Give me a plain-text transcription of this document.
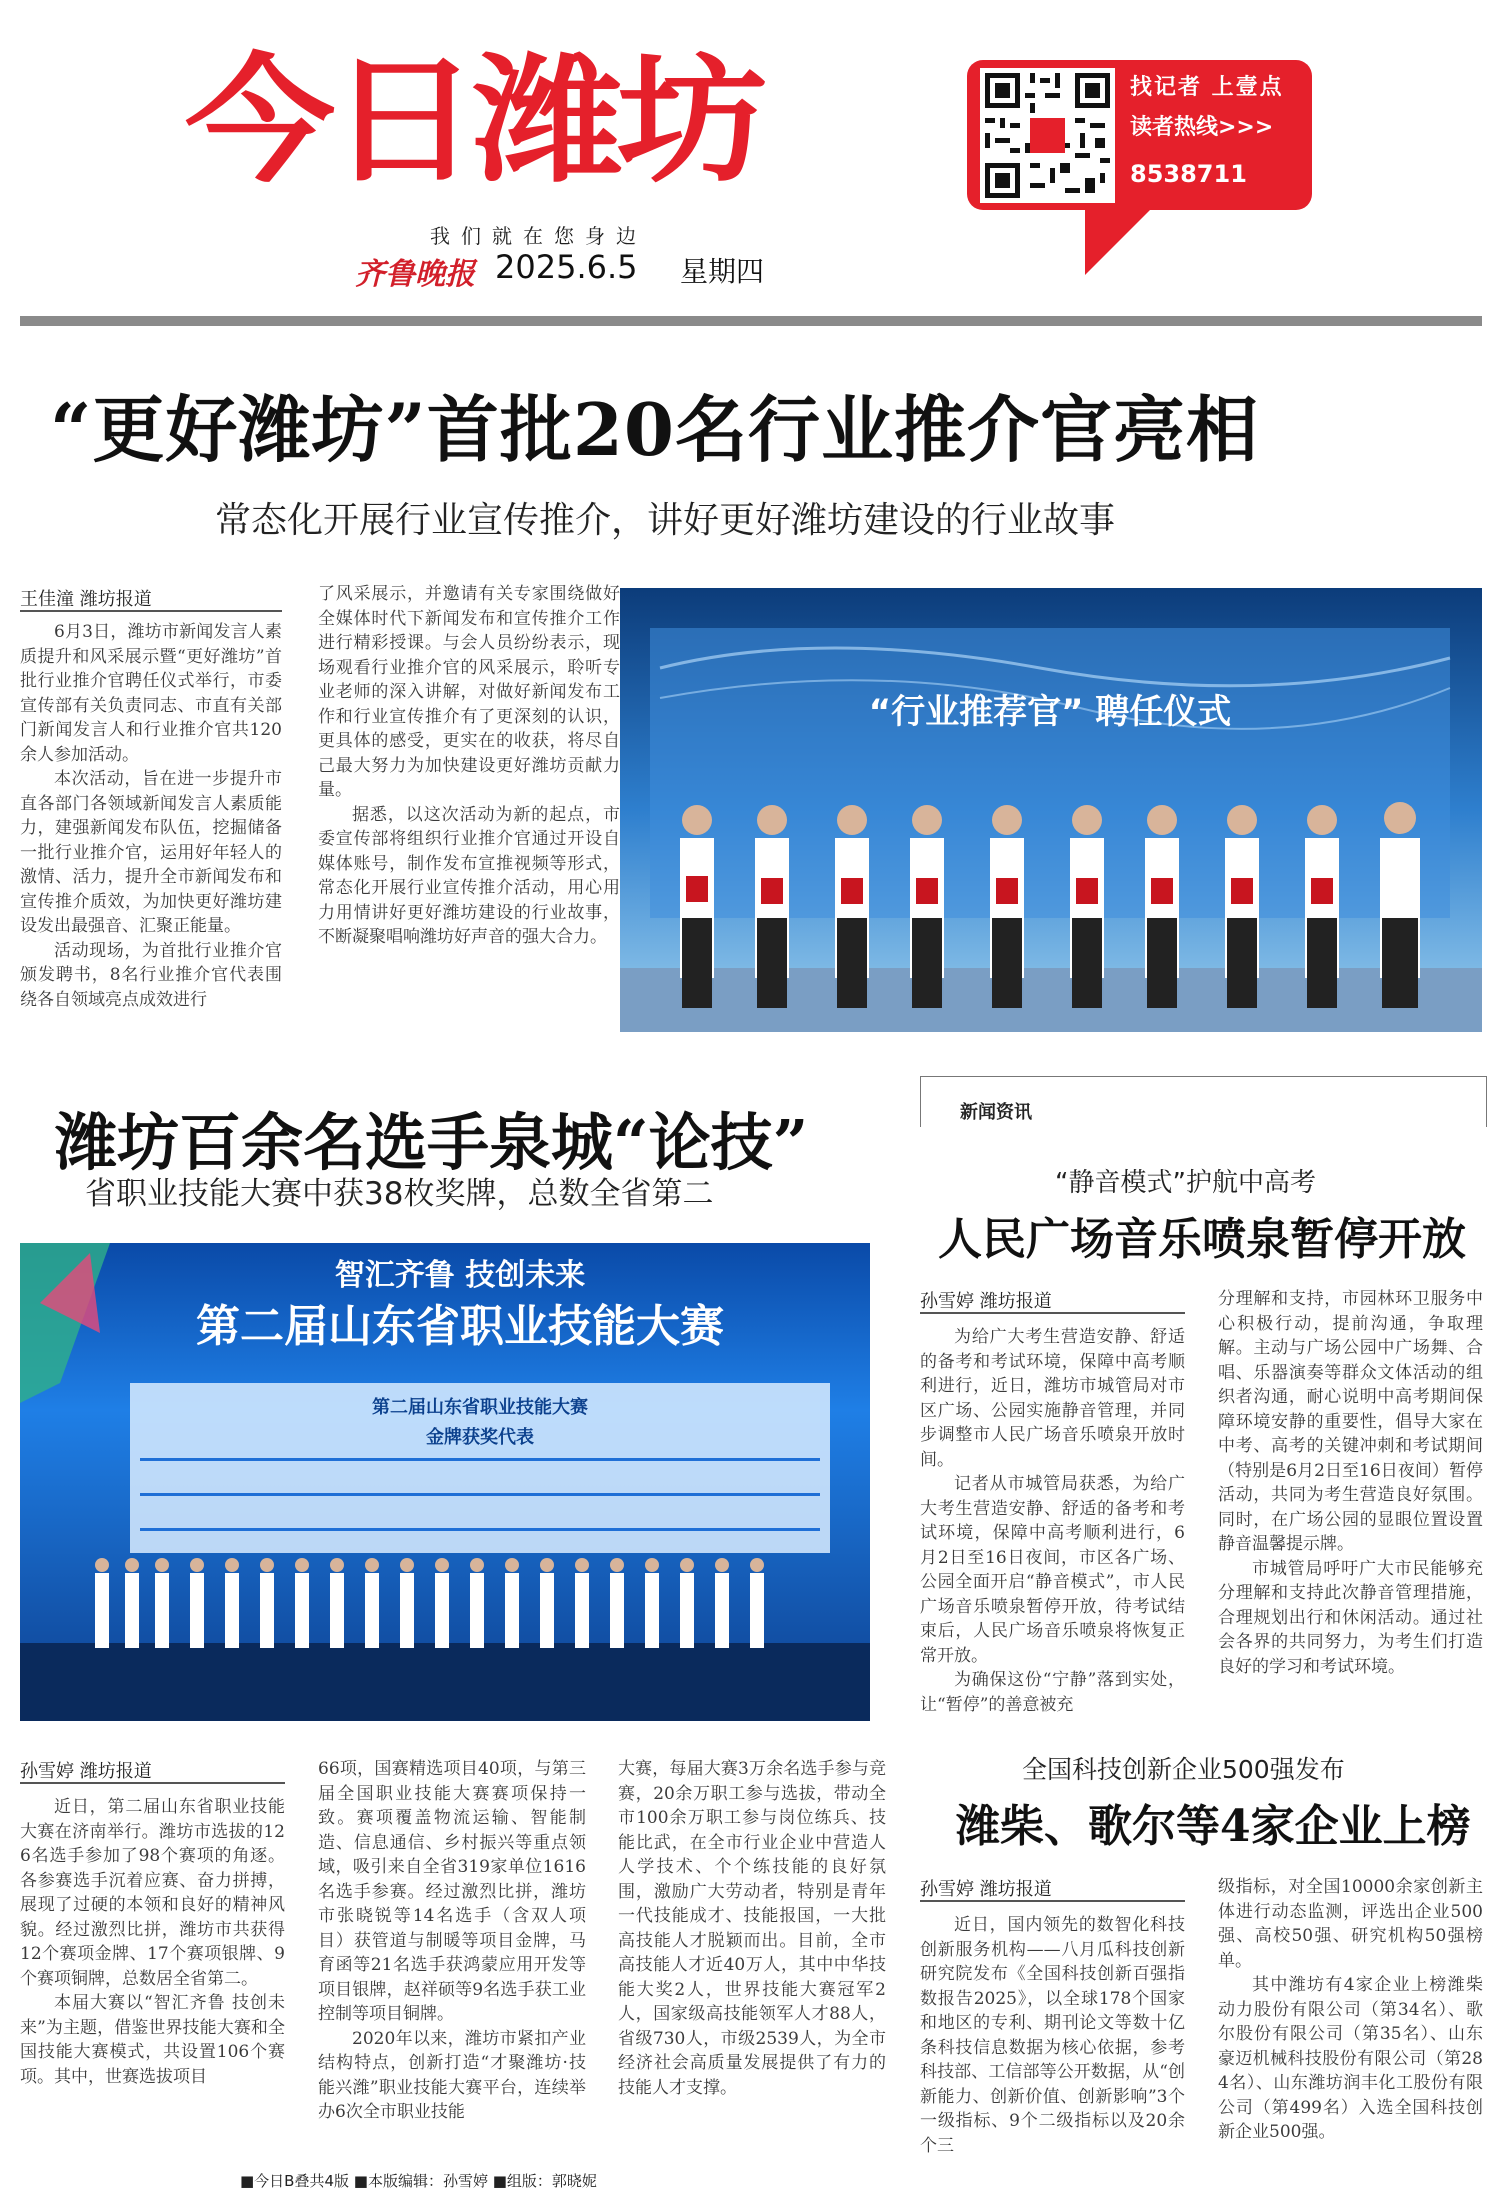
今日潍坊
我们就在您身边
齐鲁晚报 2025.6.5 星期四
找记者 上壹点
读者热线>>>
8538711
“更好潍坊”首批20名行业推介官亮相
常态化开展行业宣传推介，讲好更好潍坊建设的行业故事
王佳潼 潍坊报道

6月3日，潍坊市新闻发言人素质提升和风采展示暨“更好潍坊”首批行业推介官聘任仪式举行，市委宣传部有关负责同志、市直有关部门新闻发言人和行业推介官共120余人参加活动。

本次活动，旨在进一步提升市直各部门各领域新闻发言人素质能力，建强新闻发布队伍，挖掘储备一批行业推介官，运用好年轻人的激情、活力，提升全市新闻发布和宣传推介质效，为加快更好潍坊建设发出最强音、汇聚正能量。

活动现场，为首批行业推介官颁发聘书，8名行业推介官代表围绕各自领域亮点成效进行

了风采展示，并邀请有关专家围绕做好全媒体时代下新闻发布和宣传推介工作进行精彩授课。与会人员纷纷表示，现场观看行业推介官的风采展示，聆听专业老师的深入讲解，对做好新闻发布工作和行业宣传推介有了更深刻的认识，更具体的感受，更实在的收获，将尽自己最大努力为加快建设更好潍坊贡献力量。

据悉，以这次活动为新的起点，市委宣传部将组织行业推介官通过开设自媒体账号，制作发布宣推视频等形式，常态化开展行业宣传推介活动，用心用力用情讲好更好潍坊建设的行业故事，不断凝聚唱响潍坊好声音的强大合力。

“行业推荐官” 聘任仪式
潍坊百余名选手泉城“论技”
省职业技能大赛中获38枚奖牌，总数全省第二
智汇齐鲁 技创未来
第二届山东省职业技能大赛
第二届山东省职业技能大赛
金牌获奖代表
孙雪婷 潍坊报道

近日，第二届山东省职业技能大赛在济南举行。潍坊市选拔的126名选手参加了98个赛项的角逐。各参赛选手沉着应赛、奋力拼搏，展现了过硬的本领和良好的精神风貌。经过激烈比拼，潍坊市共获得12个赛项金牌、17个赛项银牌、9个赛项铜牌，总数居全省第二。

本届大赛以“智汇齐鲁 技创未来”为主题，借鉴世界技能大赛和全国技能大赛模式，共设置106个赛项。其中，世赛选拔项目

66项，国赛精选项目40项，与第三届全国职业技能大赛赛项保持一致。赛项覆盖物流运输、智能制造、信息通信、乡村振兴等重点领域，吸引来自全省319家单位1616名选手参赛。经过激烈比拼，潍坊市张晓锐等14名选手（含双人项目）获管道与制暖等项目金牌，马育函等21名选手获鸿蒙应用开发等项目银牌，赵祥硕等9名选手获工业控制等项目铜牌。

2020年以来，潍坊市紧扣产业结构特点，创新打造“才聚潍坊·技能兴潍”职业技能大赛平台，连续举办6次全市职业技能

大赛，每届大赛3万余名选手参与竞赛，20余万职工参与选拔，带动全市100余万职工参与岗位练兵、技能比武，在全市行业企业中营造人人学技术、个个练技能的良好氛围，激励广大劳动者，特别是青年一代技能成才、技能报国，一大批高技能人才脱颖而出。目前，全市高技能人才近40万人，其中中华技能大奖2人，世界技能大赛冠军2人，国家级高技能领军人才88人，省级730人，市级2539人，为全市经济社会高质量发展提供了有力的技能人才支撑。

新闻资讯
“静音模式”护航中高考
人民广场音乐喷泉暂停开放
孙雪婷 潍坊报道

为给广大考生营造安静、舒适的备考和考试环境，保障中高考顺利进行，近日，潍坊市城管局对市区广场、公园实施静音管理，并同步调整市人民广场音乐喷泉开放时间。

记者从市城管局获悉，为给广大考生营造安静、舒适的备考和考试环境，保障中高考顺利进行，6月2日至16日夜间，市区各广场、公园全面开启“静音模式”，市人民广场音乐喷泉暂停开放，待考试结束后，人民广场音乐喷泉将恢复正常开放。

为确保这份“宁静”落到实处，让“暂停”的善意被充

分理解和支持，市园林环卫服务中心积极行动，提前沟通，争取理解。主动与广场公园中广场舞、合唱、乐器演奏等群众文体活动的组织者沟通，耐心说明中高考期间保障环境安静的重要性，倡导大家在中考、高考的关键冲刺和考试期间（特别是6月2日至16日夜间）暂停活动，共同为考生营造良好氛围。同时，在广场公园的显眼位置设置静音温馨提示牌。

市城管局呼吁广大市民能够充分理解和支持此次静音管理措施，合理规划出行和休闲活动。通过社会各界的共同努力，为考生们打造良好的学习和考试环境。

全国科技创新企业500强发布
潍柴、歌尔等4家企业上榜
孙雪婷 潍坊报道

近日，国内领先的数智化科技创新服务机构——八月瓜科技创新研究院发布《全国科技创新百强指数报告2025》，以全球178个国家和地区的专利、期刊论文等数十亿条科技信息数据为核心依据，参考科技部、工信部等公开数据，从“创新能力、创新价值、创新影响”3个一级指标、9个二级指标以及20余个三

级指标，对全国10000余家创新主体进行动态监测，评选出企业500强、高校50强、研究机构50强榜单。

其中潍坊有4家企业上榜潍柴动力股份有限公司（第34名）、歌尔股份有限公司（第35名）、山东豪迈机械科技股份有限公司（第284名）、山东潍坊润丰化工股份有限公司（第499名）入选全国科技创新企业500强。

■今日B叠共4版 ■本版编辑：孙雪婷 ■组版：郭晓妮
